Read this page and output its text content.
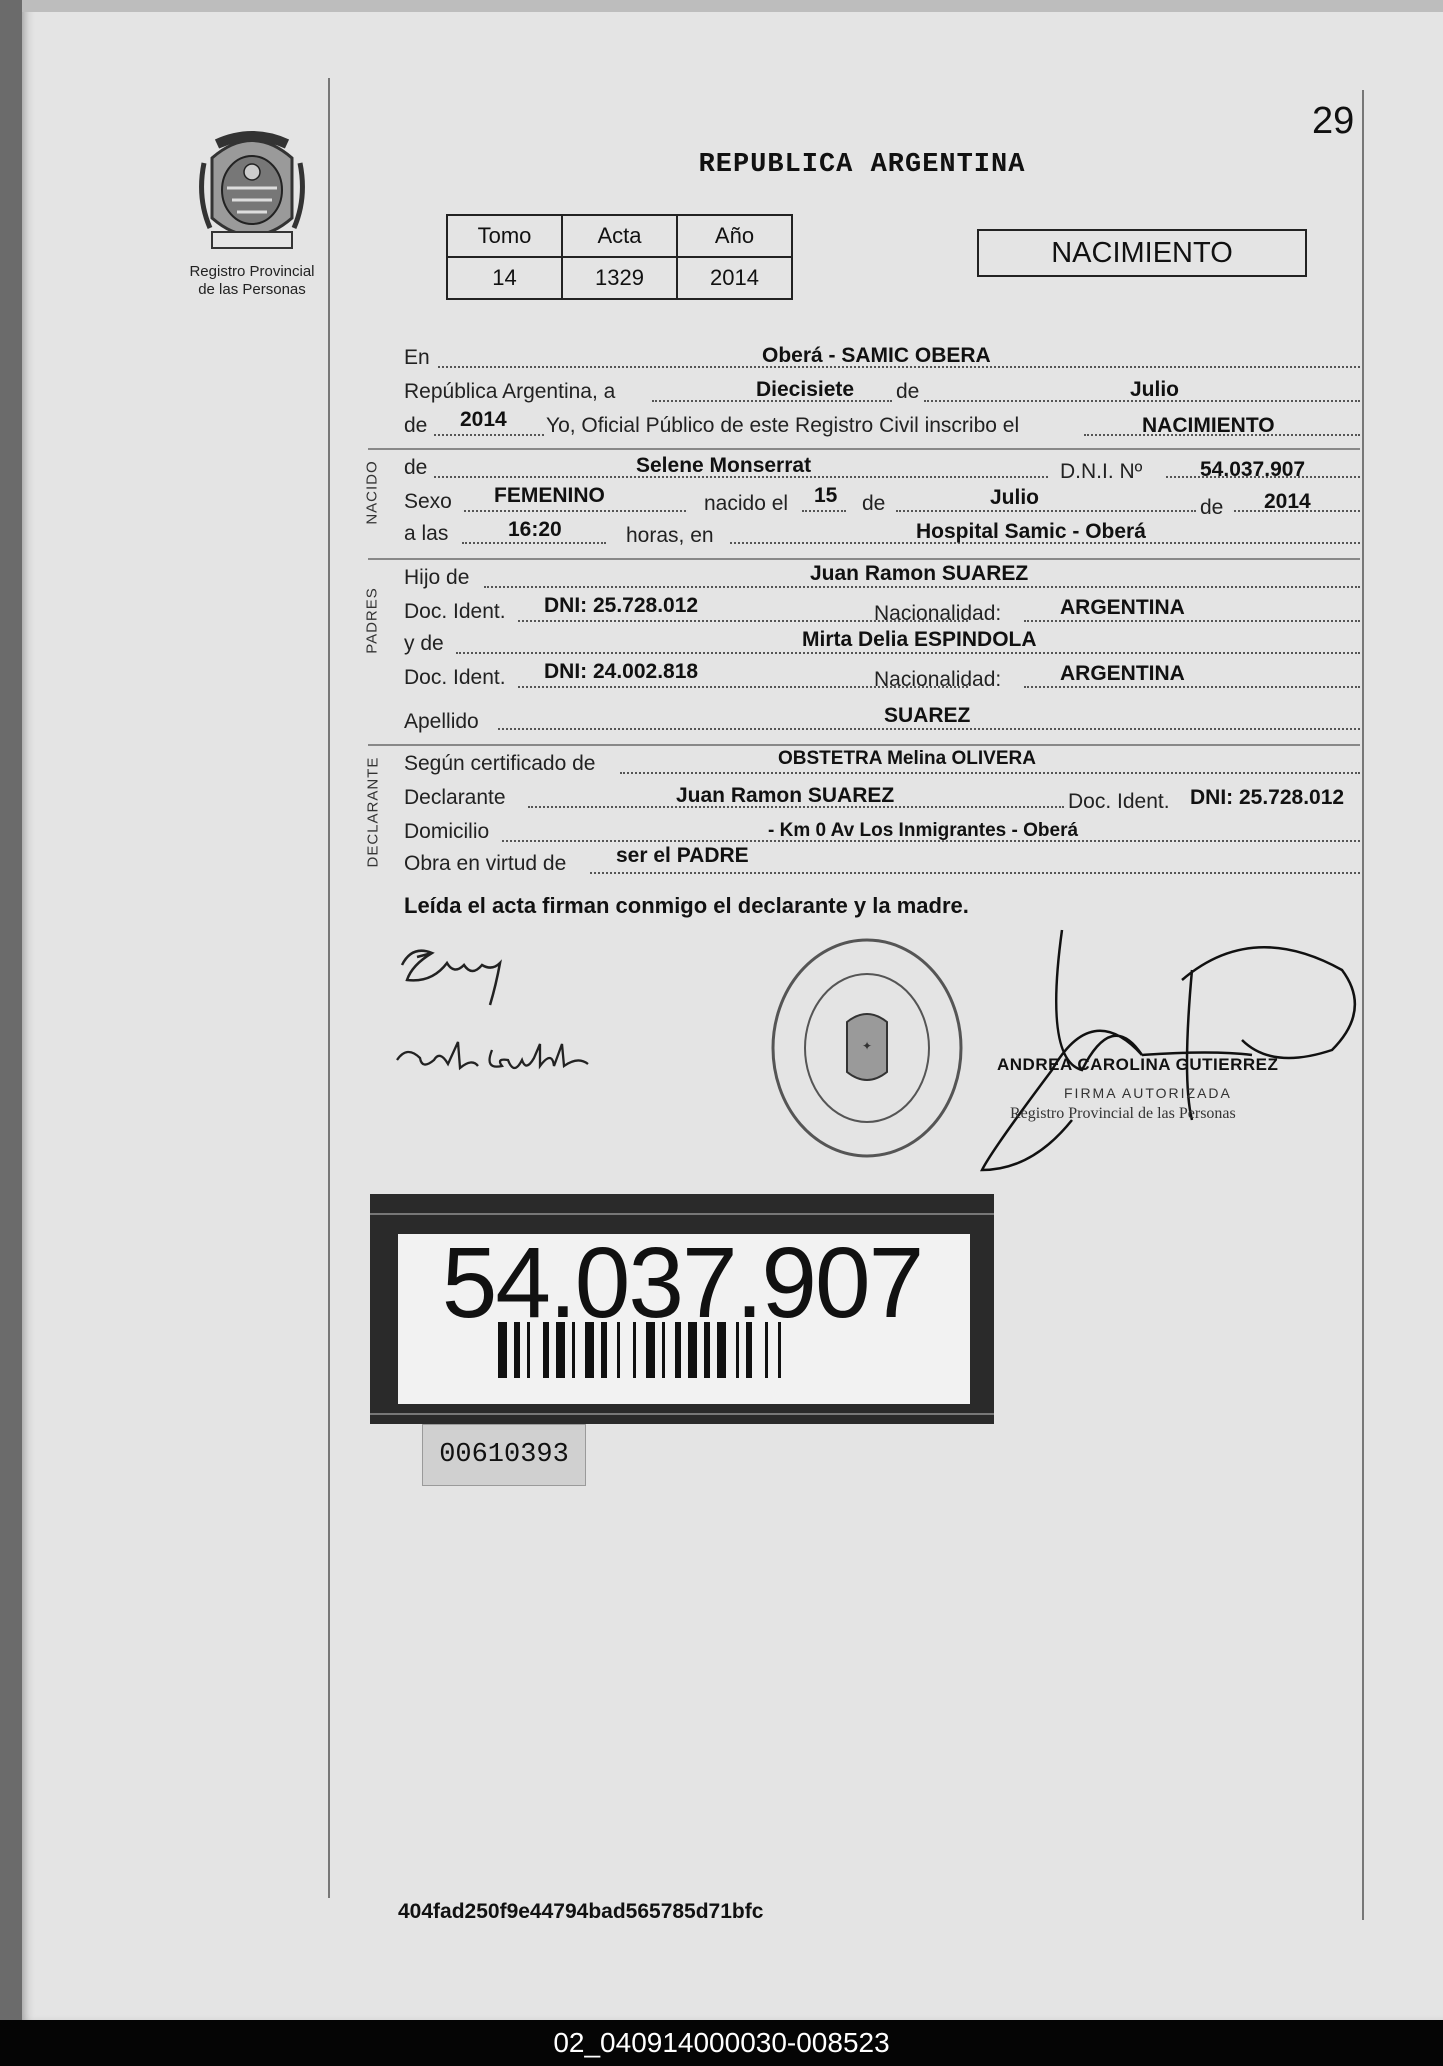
Registro Provincial
de las Personas
29
REPUBLICA ARGENTINA
Tomo	Acta	Año
14	1329	2014
NACIMIENTO
En	Oberá - SAMIC OBERA
República Argentina, a	Diecisiete de	Julio
de 2014 Yo, Oficial Público de este Registro Civil inscribo el	NACIMIENTO
NACIDO de	Selene Monserrat	D.N.I. Nº	54.037.907
Sexo FEMENINO	nacido el 15 de	Julio	de 2014
a las	16:20	horas, en	Hospital Samic - Oberá
PADRES
Hijo de	Juan Ramon SUAREZ
Doc. Ident. DNI: 25.728.012	Nacionalidad:	ARGENTINA
y de	Mirta Delia ESPINDOLA
Doc. Ident. DNI: 24.002.818	Nacionalidad:	ARGENTINA
Apellido	SUAREZ
DECLARANTE Según certificado de	OBSTETRA Melina OLIVERA
Declarante	Juan Ramon SUAREZ	Doc. Ident. DNI: 25.728.012
Domicilio	- Km 0 Av Los Inmigrantes - Oberá
Obra en virtud de ser el PADRE
Leída el acta firman conmigo el declarante y la madre.
✦
ANDREA CAROLINA GUTIERREZ
FIRMA AUTORIZADA
Registro Provincial de las Personas
54.037.907
00610393
404fad250f9e44794bad565785d71bfc
02_040914000030-008523
